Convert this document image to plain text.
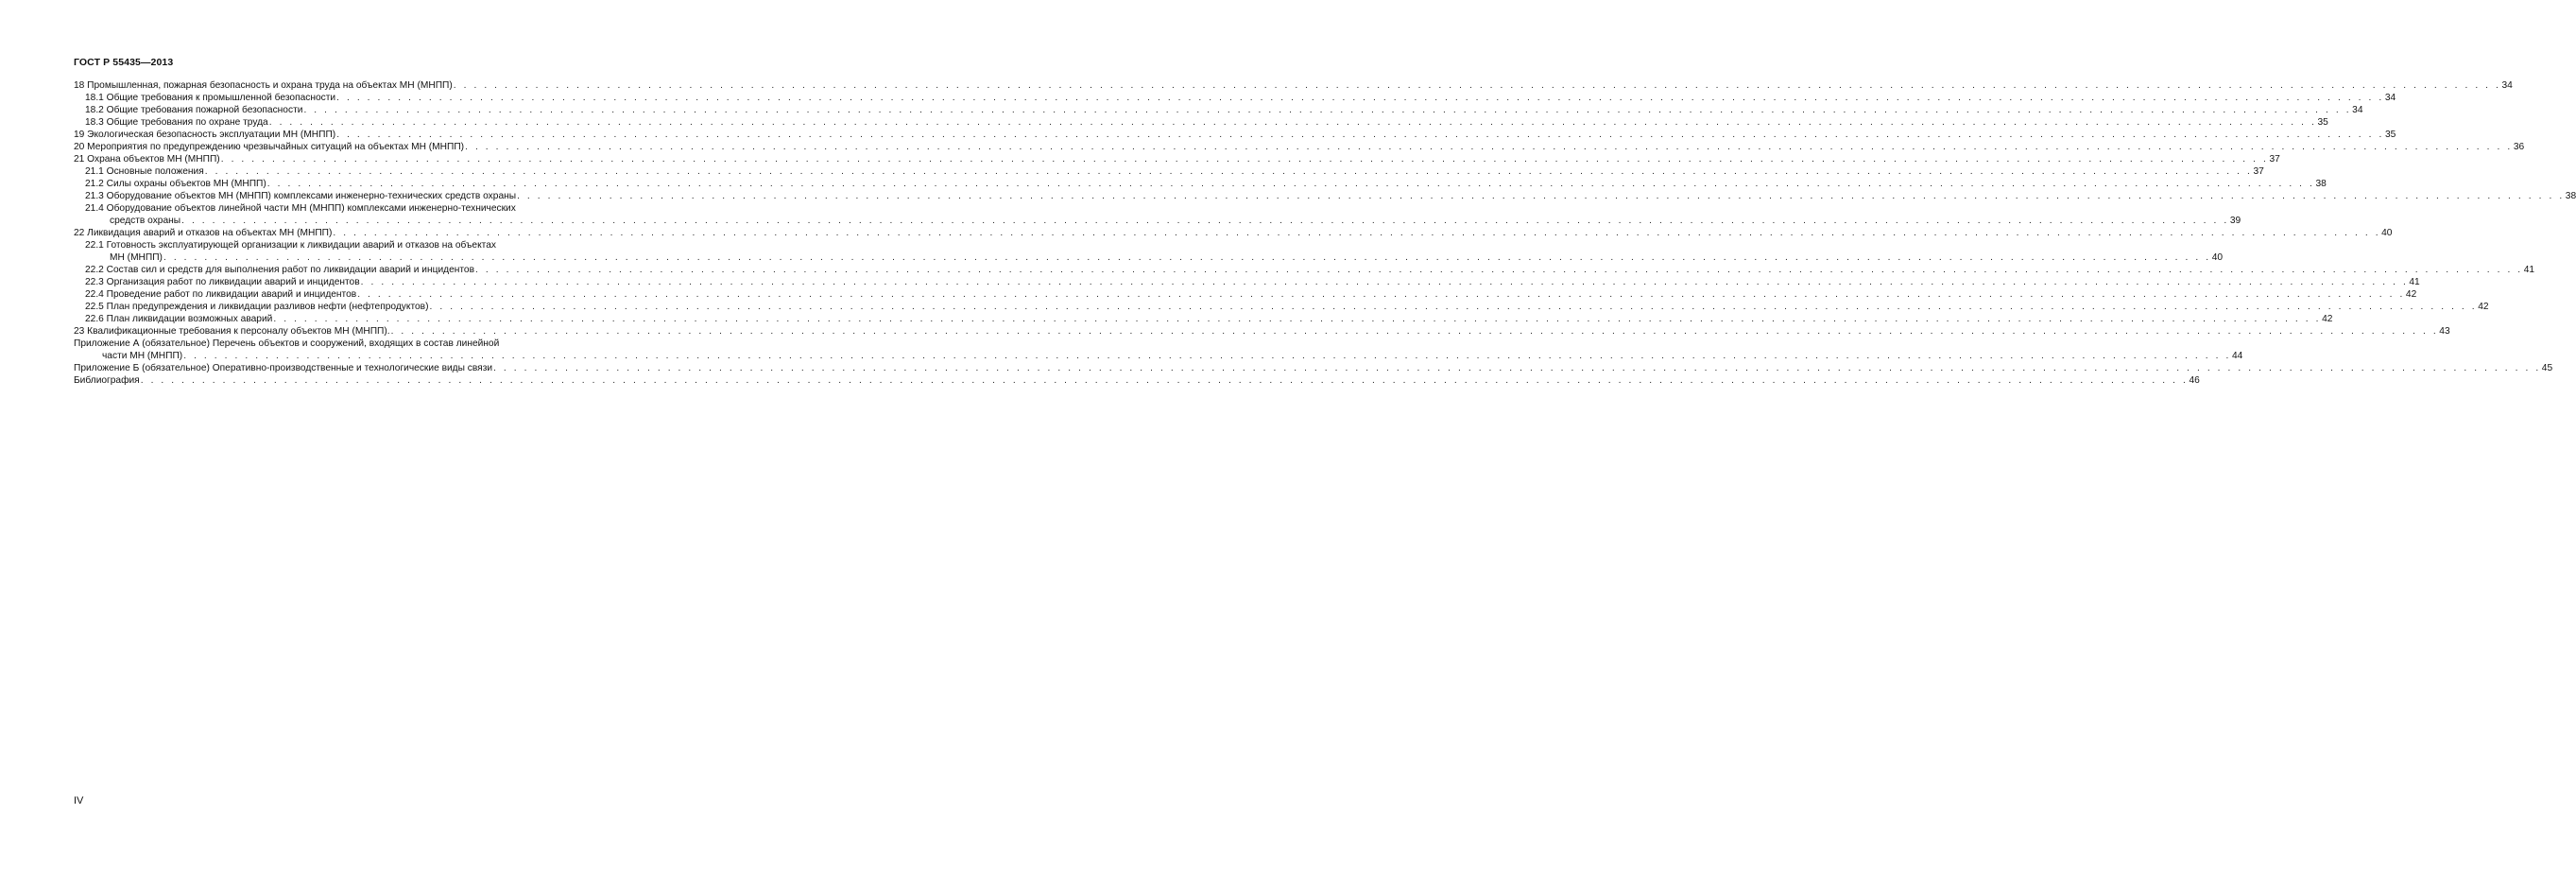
ГОСТ Р 55435—2013
18 Промышленная, пожарная безопасность и охрана труда на объектах МН (МНПП) . . . . . . . . . . . . . . . . . . . . . . . . . . . . . . . . . . . . . . . . . . . . . . . . . . . . . . . . . . . . . . . . . . . . . . . . . . . . . . . . . . . . . . . . . . . . . . . . . . . . . . . . . . . . . . . . . . . . . . . . . . . . . . . . . . . . . . . . . . . . . . . . . . . . . . . . . . . . . . . . . . . . . . . . . . . . . . . . . . . . . . . . . . . . . . . . . . . . . . . . 34
18.1 Общие требования к промышленной безопасности . . . . . . . . . . . . . . . . . . . . . . . . . . . . . . . . . . . . . . . . . . . . . . . . . . . . . . . . . . . . . . . . . . . . . . . . . . . . . . . . . . . . . . . . . . . . . . . . . . . . . . . . . . . . . . . . . . . . . . . . . . . . . . . . . . . . . . . . . . . . . . . . . . . . . . . . . . . . . . . . . . . . . . . . . . . . . . . . . . . . . . . . . . . . . . . . . . . . . . . . 34
18.2 Общие требования пожарной безопасности . . . . . . . . . . . . . . . . . . . . . . . . . . . . . . . . . . . . . . . . . . . . . . . . . . . . . . . . . . . . . . . . . . . . . . . . . . . . . . . . . . . . . . . . . . . . . . . . . . . . . . . . . . . . . . . . . . . . . . . . . . . . . . . . . . . . . . . . . . . . . . . . . . . . . . . . . . . . . . . . . . . . . . . . . . . . . . . . . . . . . . . . . . . . . . . . . . . . . . . . 34
18.3 Общие требования по охране труда . . . . . . . . . . . . . . . . . . . . . . . . . . . . . . . . . . . . . . . . . . . . . . . . . . . . . . . . . . . . . . . . . . . . . . . . . . . . . . . . . . . . . . . . . . . . . . . . . . . . . . . . . . . . . . . . . . . . . . . . . . . . . . . . . . . . . . . . . . . . . . . . . . . . . . . . . . . . . . . . . . . . . . . . . . . . . . . . . . . . . . . . . . . . . . . . . . . . . . . . 35
19 Экологическая безопасность эксплуатации МН (МНПП) . . . . . . . . . . . . . . . . . . . . . . . . . . . . . . . . . . . . . . . . . . . . . . . . . . . . . . . . . . . . . . . . . . . . . . . . . . . . . . . . . . . . . . . . . . . . . . . . . . . . . . . . . . . . . . . . . . . . . . . . . . . . . . . . . . . . . . . . . . . . . . . . . . . . . . . . . . . . . . . . . . . . . . . . . . . . . . . . . . . . . . . . . . . . . . . . . . . . . . . . 35
20 Мероприятия по предупреждению чрезвычайных ситуаций на объектах МН (МНПП) . . . . . . . . . . . . . . . . . . . . . . . . . . . . . . . . . . . . . . . . . . . . . . . . . . . . . . . . . . . . . . . . . . . . . . . . . . . . . . . . . . . . . . . . . . . . . . . . . . . . . . . . . . . . . . . . . . . . . . . . . . . . . . . . . . . . . . . . . . . . . . . . . . . . . . . . . . . . . . . . . . . . . . . . . . . . . . . . . . . . . . . . . . . . . . . . . . . . . . . . 36
21 Охрана объектов МН (МНПП) . . . . . . . . . . . . . . . . . . . . . . . . . . . . . . . . . . . . . . . . . . . . . . . . . . . . . . . . . . . . . . . . . . . . . . . . . . . . . . . . . . . . . . . . . . . . . . . . . . . . . . . . . . . . . . . . . . . . . . . . . . . . . . . . . . . . . . . . . . . . . . . . . . . . . . . . . . . . . . . . . . . . . . . . . . . . . . . . . . . . . . . . . . . . . . . . . . . . . . . . 37
21.1 Основные положения . . . . . . . . . . . . . . . . . . . . . . . . . . . . . . . . . . . . . . . . . . . . . . . . . . . . . . . . . . . . . . . . . . . . . . . . . . . . . . . . . . . . . . . . . . . . . . . . . . . . . . . . . . . . . . . . . . . . . . . . . . . . . . . . . . . . . . . . . . . . . . . . . . . . . . . . . . . . . . . . . . . . . . . . . . . . . . . . . . . . . . . . . . . . . . . . . . . . . . . . 37
21.2 Силы охраны объектов МН (МНПП) . . . . . . . . . . . . . . . . . . . . . . . . . . . . . . . . . . . . . . . . . . . . . . . . . . . . . . . . . . . . . . . . . . . . . . . . . . . . . . . . . . . . . . . . . . . . . . . . . . . . . . . . . . . . . . . . . . . . . . . . . . . . . . . . . . . . . . . . . . . . . . . . . . . . . . . . . . . . . . . . . . . . . . . . . . . . . . . . . . . . . . . . . . . . . . . . . . . . . . . . 38
21.3 Оборудование объектов МН (МНПП) комплексами инженерно-технических средств охраны . . . . . . . . . . . . . . . . . . . . . . . . . . . . . . . . . . . . . . . . . . . . . . . . . . . . . . . . . . . . . . . . . . . . . . . . . . . . . . . . . . . . . . . . . . . . . . . . . . . . . . . . . . . . . . . . . . . . . . . . . . . . . . . . . . . . . . . . . . . . . . . . . . . . . . . . . . . . . . . . . . . . . . . . . . . . . . . . . . . . . . . . . . . . . . . . . . . . . . . . 38
21.4 Оборудование объектов линейной части МН (МНПП) комплексами инженерно-технических
средств охраны . . . . . . . . . . . . . . . . . . . . . . . . . . . . . . . . . . . . . . . . . . . . . . . . . . . . . . . . . . . . . . . . . . . . . . . . . . . . . . . . . . . . . . . . . . . . . . . . . . . . . . . . . . . . . . . . . . . . . . . . . . . . . . . . . . . . . . . . . . . . . . . . . . . . . . . . . . . . . . . . . . . . . . . . . . . . . . . . . . . . . . . . . . . . . . . . . . . . . . . . 39
22 Ликвидация аварий и отказов на объектах МН (МНПП) . . . . . . . . . . . . . . . . . . . . . . . . . . . . . . . . . . . . . . . . . . . . . . . . . . . . . . . . . . . . . . . . . . . . . . . . . . . . . . . . . . . . . . . . . . . . . . . . . . . . . . . . . . . . . . . . . . . . . . . . . . . . . . . . . . . . . . . . . . . . . . . . . . . . . . . . . . . . . . . . . . . . . . . . . . . . . . . . . . . . . . . . . . . . . . . . . . . . . . . . 40
22.1 Готовность эксплуатирующей организации к ликвидации аварий и отказов на объектах
МН (МНПП) . . . . . . . . . . . . . . . . . . . . . . . . . . . . . . . . . . . . . . . . . . . . . . . . . . . . . . . . . . . . . . . . . . . . . . . . . . . . . . . . . . . . . . . . . . . . . . . . . . . . . . . . . . . . . . . . . . . . . . . . . . . . . . . . . . . . . . . . . . . . . . . . . . . . . . . . . . . . . . . . . . . . . . . . . . . . . . . . . . . . . . . . . . . . . . . . . . . . . . . . 40
22.2 Состав сил и средств для выполнения работ по ликвидации аварий и инцидентов . . . . . . . . . . . . . . . . . . . . . . . . . . . . . . . . . . . . . . . . . . . . . . . . . . . . . . . . . . . . . . . . . . . . . . . . . . . . . . . . . . . . . . . . . . . . . . . . . . . . . . . . . . . . . . . . . . . . . . . . . . . . . . . . . . . . . . . . . . . . . . . . . . . . . . . . . . . . . . . . . . . . . . . . . . . . . . . . . . . . . . . . . . . . . . . . . . . . . . . . 41
22.3 Организация работ по ликвидации аварий и инцидентов . . . . . . . . . . . . . . . . . . . . . . . . . . . . . . . . . . . . . . . . . . . . . . . . . . . . . . . . . . . . . . . . . . . . . . . . . . . . . . . . . . . . . . . . . . . . . . . . . . . . . . . . . . . . . . . . . . . . . . . . . . . . . . . . . . . . . . . . . . . . . . . . . . . . . . . . . . . . . . . . . . . . . . . . . . . . . . . . . . . . . . . . . . . . . . . . . . . . . . . . 41
22.4 Проведение работ по ликвидации аварий и инцидентов . . . . . . . . . . . . . . . . . . . . . . . . . . . . . . . . . . . . . . . . . . . . . . . . . . . . . . . . . . . . . . . . . . . . . . . . . . . . . . . . . . . . . . . . . . . . . . . . . . . . . . . . . . . . . . . . . . . . . . . . . . . . . . . . . . . . . . . . . . . . . . . . . . . . . . . . . . . . . . . . . . . . . . . . . . . . . . . . . . . . . . . . . . . . . . . . . . . . . . . . 42
22.5 План предупреждения и ликвидации разливов нефти (нефтепродуктов) . . . . . . . . . . . . . . . . . . . . . . . . . . . . . . . . . . . . . . . . . . . . . . . . . . . . . . . . . . . . . . . . . . . . . . . . . . . . . . . . . . . . . . . . . . . . . . . . . . . . . . . . . . . . . . . . . . . . . . . . . . . . . . . . . . . . . . . . . . . . . . . . . . . . . . . . . . . . . . . . . . . . . . . . . . . . . . . . . . . . . . . . . . . . . . . . . . . . . . . . 42
22.6 План ликвидации возможных аварий . . . . . . . . . . . . . . . . . . . . . . . . . . . . . . . . . . . . . . . . . . . . . . . . . . . . . . . . . . . . . . . . . . . . . . . . . . . . . . . . . . . . . . . . . . . . . . . . . . . . . . . . . . . . . . . . . . . . . . . . . . . . . . . . . . . . . . . . . . . . . . . . . . . . . . . . . . . . . . . . . . . . . . . . . . . . . . . . . . . . . . . . . . . . . . . . . . . . . . . . 42
23 Квалификационные требования к персоналу объектов МН (МНПП). . . . . . . . . . . . . . . . . . . . . . . . . . . . . . . . . . . . . . . . . . . . . . . . . . . . . . . . . . . . . . . . . . . . . . . . . . . . . . . . . . . . . . . . . . . . . . . . . . . . . . . . . . . . . . . . . . . . . . . . . . . . . . . . . . . . . . . . . . . . . . . . . . . . . . . . . . . . . . . . . . . . . . . . . . . . . . . . . . . . . . . . . . . . . . . . . . . . . . . . . 43
Приложение А (обязательное) Перечень объектов и сооружений, входящих в состав линейной
части МН (МНПП) . . . . . . . . . . . . . . . . . . . . . . . . . . . . . . . . . . . . . . . . . . . . . . . . . . . . . . . . . . . . . . . . . . . . . . . . . . . . . . . . . . . . . . . . . . . . . . . . . . . . . . . . . . . . . . . . . . . . . . . . . . . . . . . . . . . . . . . . . . . . . . . . . . . . . . . . . . . . . . . . . . . . . . . . . . . . . . . . . . . . . . . . . . . . . . . . . . . . . . . . 44
Приложение Б (обязательное) Оперативно-производственные и технологические виды связи . . . . . . . . . . . . . . . . . . . . . . . . . . . . . . . . . . . . . . . . . . . . . . . . . . . . . . . . . . . . . . . . . . . . . . . . . . . . . . . . . . . . . . . . . . . . . . . . . . . . . . . . . . . . . . . . . . . . . . . . . . . . . . . . . . . . . . . . . . . . . . . . . . . . . . . . . . . . . . . . . . . . . . . . . . . . . . . . . . . . . . . . . . . . . . . . . . . . . . . . 45
Библиография . . . . . . . . . . . . . . . . . . . . . . . . . . . . . . . . . . . . . . . . . . . . . . . . . . . . . . . . . . . . . . . . . . . . . . . . . . . . . . . . . . . . . . . . . . . . . . . . . . . . . . . . . . . . . . . . . . . . . . . . . . . . . . . . . . . . . . . . . . . . . . . . . . . . . . . . . . . . . . . . . . . . . . . . . . . . . . . . . . . . . . . . . . . . . . . . . . . . . . . . 46
IV
